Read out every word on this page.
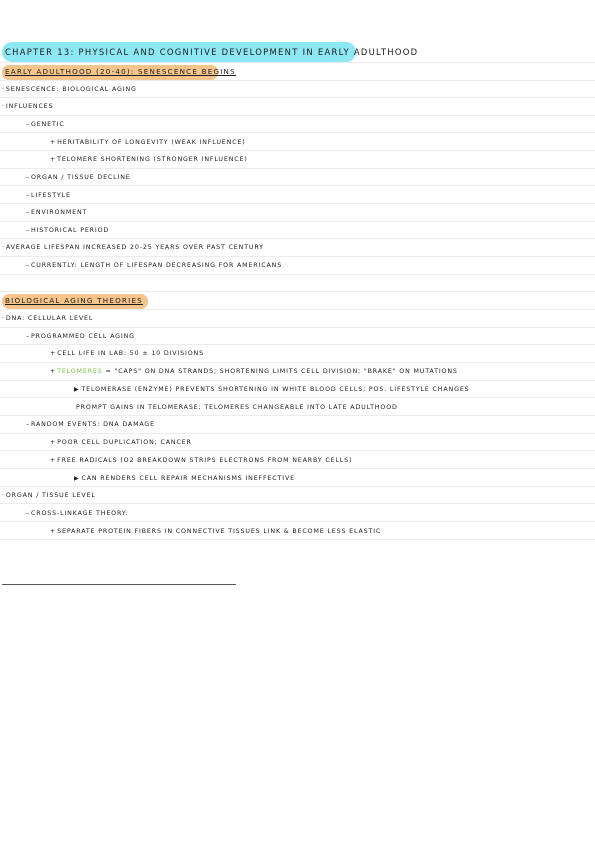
CHAPTER 13: PHYSICAL AND COGNITIVE DEVELOPMENT IN EARLY ADULTHOOD
EARLY ADULTHOOD (20-40): SENESCENCE BEGINS
·SENESCENCE: BIOLOGICAL AGING
·INFLUENCES
–GENETIC
+HERITABILITY OF LONGEVITY (WEAK INFLUENCE)
+TELOMERE SHORTENING (STRONGER INFLUENCE)
–ORGAN / TISSUE DECLINE
–LIFESTYLE
–ENVIRONMENT
–HISTORICAL PERIOD
·AVERAGE LIFESPAN INCREASED 20-25 YEARS OVER PAST CENTURY
–CURRENTLY: LENGTH OF LIFESPAN DECREASING FOR AMERICANS
BIOLOGICAL AGING THEORIES
·DNA: CELLULAR LEVEL
–PROGRAMMED CELL AGING
+CELL LIFE IN LAB: 50 ± 10 DIVISIONS
+TELOMERES = "CAPS" ON DNA STRANDS; SHORTENING LIMITS CELL DIVISION; "BRAKE" ON MUTATIONS
▶ TELOMERASE (ENZYME) PREVENTS SHORTENING IN WHITE BLOOD CELLS; POS. LIFESTYLE CHANGES
PROMPT GAINS IN TELOMERASE; TELOMERES CHANGEABLE INTO LATE ADULTHOOD
–RANDOM EVENTS: DNA DAMAGE
+POOR CELL DUPLICATION; CANCER
+FREE RADICALS (O2 BREAKDOWN STRIPS ELECTRONS FROM NEARBY CELLS)
▶ CAN RENDERS CELL REPAIR MECHANISMS INEFFECTIVE
·ORGAN / TISSUE LEVEL
–CROSS-LINKAGE THEORY:
+SEPARATE PROTEIN FIBERS IN CONNECTIVE TISSUES LINK & BECOME LESS ELASTIC
